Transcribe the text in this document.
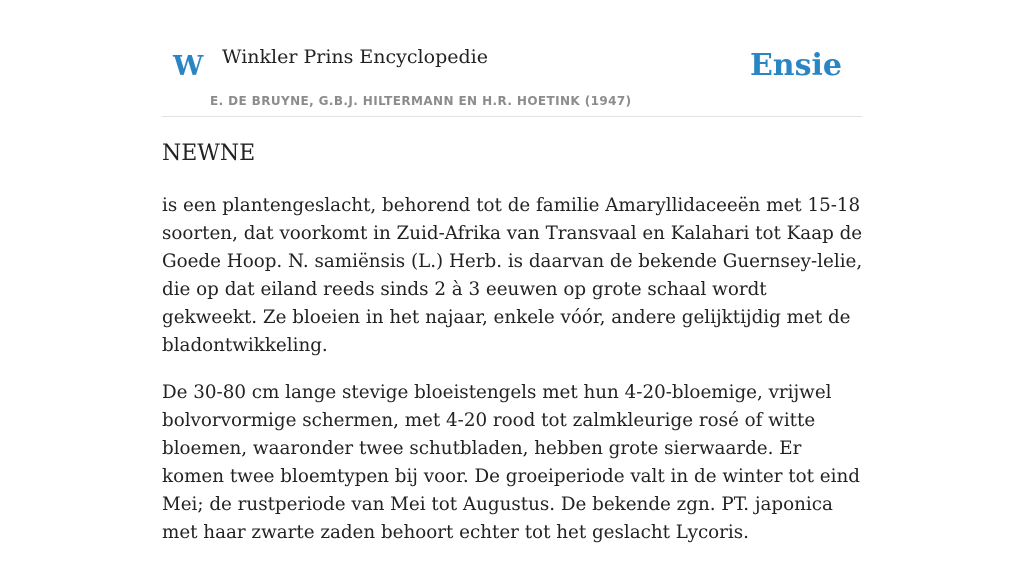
W Winkler Prins Encyclopedie
E. DE BRUYNE, G.B.J. HILTERMANN EN H.R. HOETINK (1947)
Ensie
NEWNE

is een plantengeslacht, behorend tot de familie Amaryllidaceeën met 15-18 soorten, dat voorkomt in Zuid-Afrika van Transvaal en Kalahari tot Kaap de Goede Hoop. N. samiënsis (L.) Herb. is daarvan de bekende Guernsey-lelie, die op dat eiland reeds sinds 2 à 3 eeuwen op grote schaal wordt gekweekt. Ze bloeien in het najaar, enkele vóór, andere gelijktijdig met de bladontwikkeling.

De 30-80 cm lange stevige bloeistengels met hun 4-20-bloemige, vrijwel bolvorvormige schermen, met 4-20 rood tot zalmkleurige rosé of witte bloemen, waaronder twee schutbladen, hebben grote sierwaarde. Er komen twee bloemtypen bij voor. De groeiperiode valt in de winter tot eind Mei; de rustperiode van Mei tot Augustus. De bekende zgn. PT. japonica met haar zwarte zaden behoort echter tot het geslacht Lycoris.
